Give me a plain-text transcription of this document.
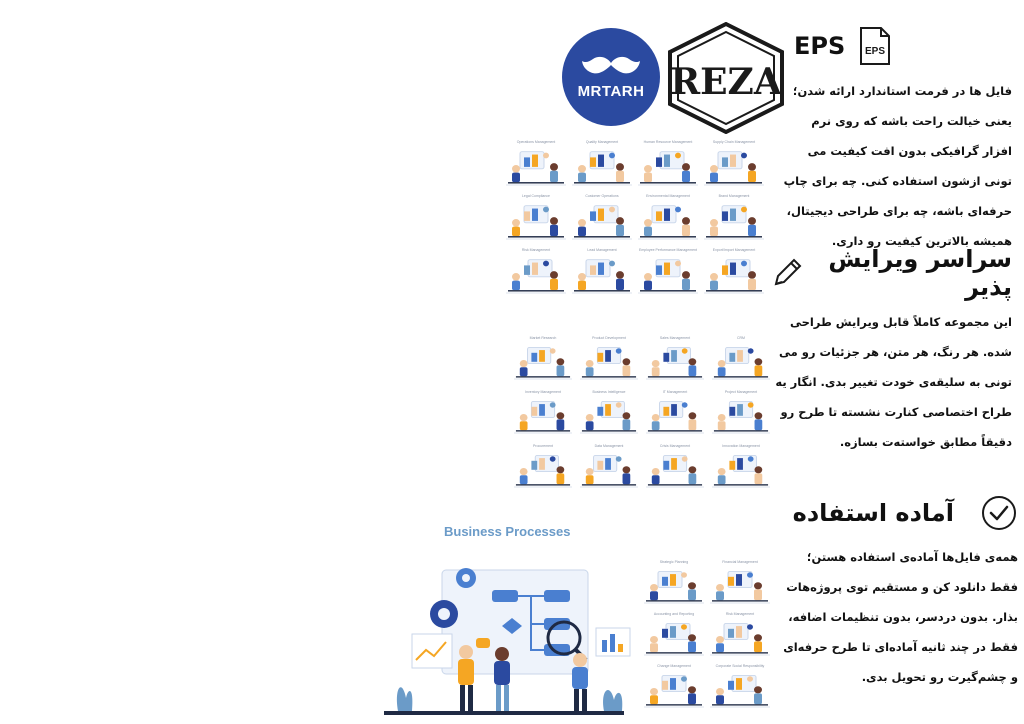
MRTARH REZA
EPS
EPS

فایل ها در فرمت استاندارد ارائه شدن؛ یعنی خیالت راحت باشه که روی نرم افزار گرافیکی بدون افت کیفیت می تونی ازشون استفاده کنی. چه برای چاپ حرفه‌ای باشه، چه برای طراحی دیجیتال، همیشه بالاترین کیفیت رو داری.

سراسر ویرایش پذیر

این مجموعه کاملاً قابل ویرایش طراحی شده. هر رنگ، هر متن، هر جزئیات رو می تونی به سلیقه‌ی خودت تغییر بدی. انگار یه طراح اختصاصی کنارت نشسته تا طرح رو دقیقاً مطابق خواسته‌ت بسازه.

آماده استفاده

همه‌ی فایل‌ها آماده‌ی استفاده هستن؛ فقط دانلود کن و مستقیم توی پروژه‌هات بذار. بدون دردسر، بدون تنظیمات اضافه، فقط در چند ثانیه آماده‌ای تا طرح حرفه‌ای و چشم‌گیرت رو تحویل بدی.

Operations Management	Quality Management	Human Resource Management	Supply Chain Management
Legal Compliance	Customer Operations	Environmental Management	Brand Management
Risk Management	Lead Management	Employee Performance Management	Export/Import Management
Market Research	Product Development	Sales Management	CRM
Inventory Management	Business Intelligence	IT Management	Project Management
Procurement	Data Management	Crisis Management	Innovation Management
Strategic Planning	Financial Management
Accounting and Reporting	Risk Management
Change Management	Corporate Social Responsibility
Business Processes
